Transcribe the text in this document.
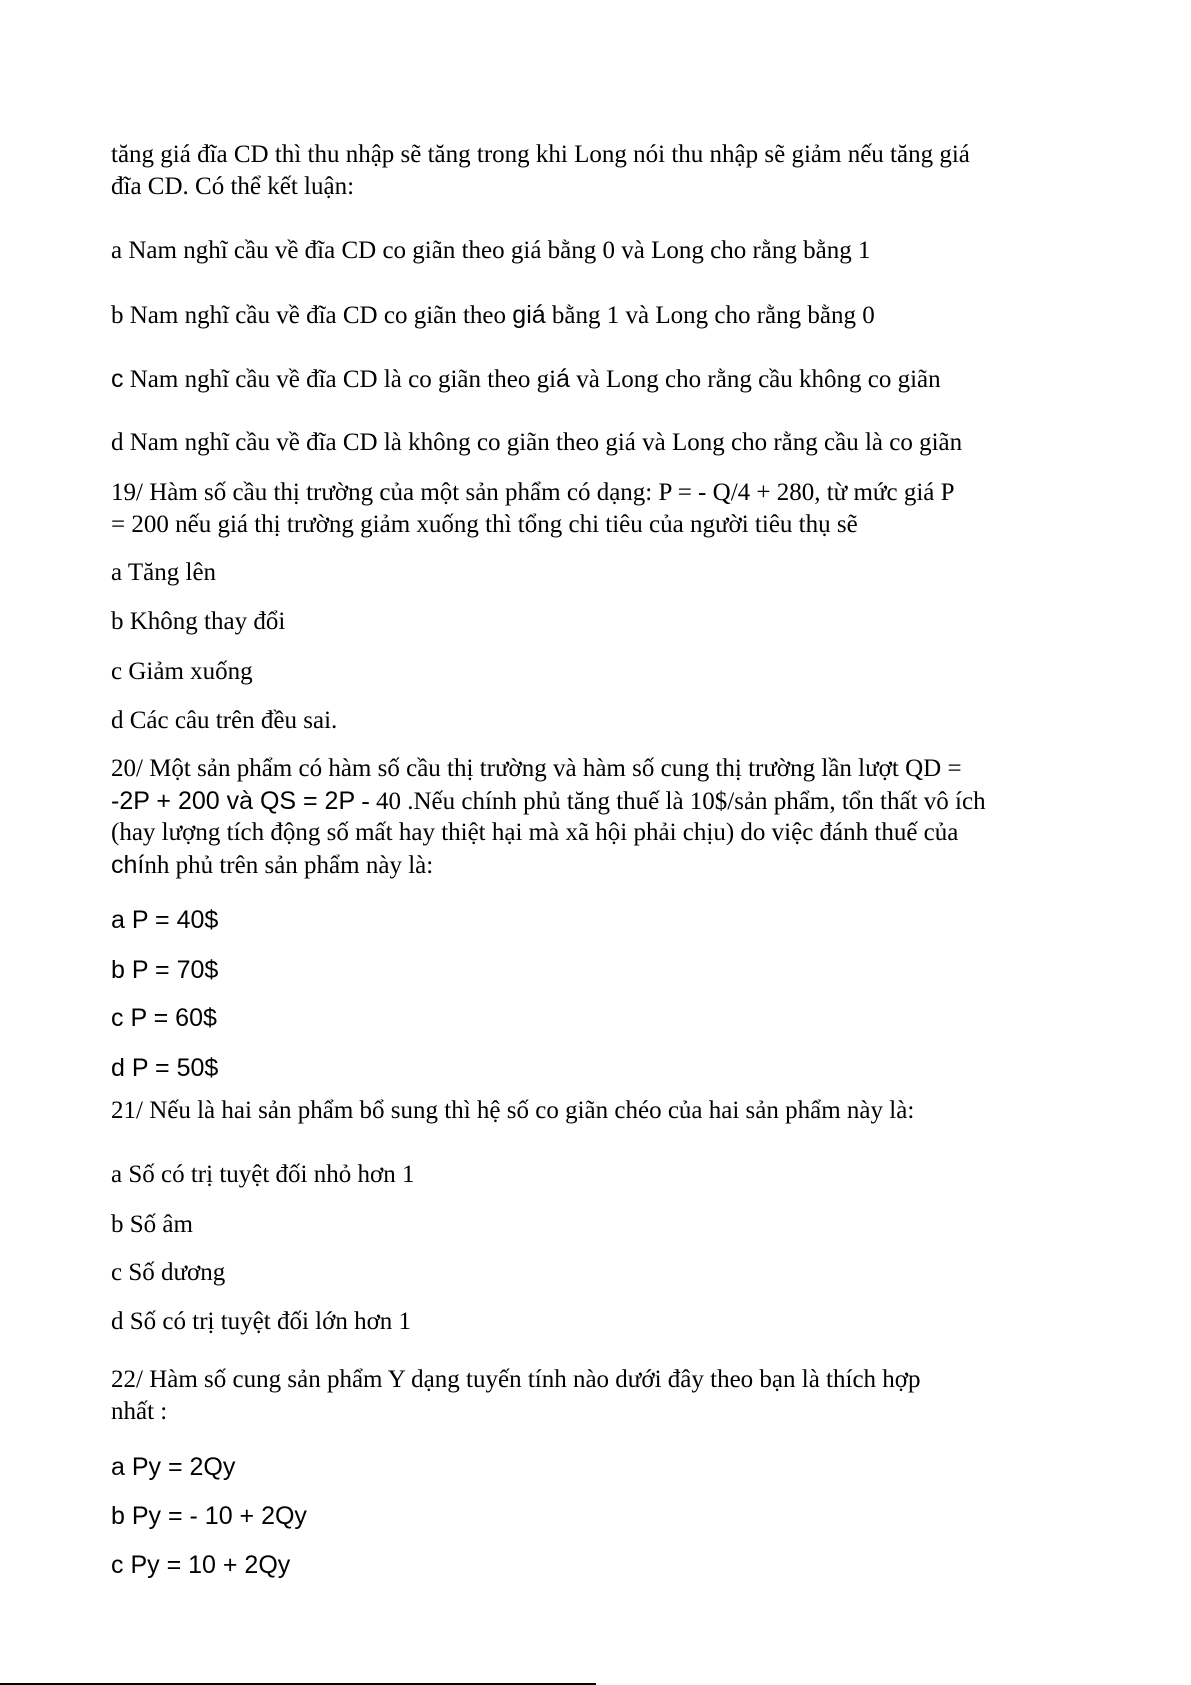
tăng giá đĩa CD thì thu nhập sẽ tăng trong khi Long nói thu nhập sẽ giảm nếu tăng giá

đĩa CD. Có thể kết luận:

a Nam nghĩ cầu về đĩa CD co giãn theo giá bằng 0 và Long cho rằng bằng 1

b Nam nghĩ cầu về đĩa CD co giãn theo giá bằng 1 và Long cho rằng bằng 0

c Nam nghĩ cầu về đĩa CD là co giãn theo giá và Long cho rằng cầu không co giãn

d Nam nghĩ cầu về đĩa CD là không co giãn theo giá và Long cho rằng cầu là co giãn

19/ Hàm số cầu thị trường của một sản phẩm có dạng: P = - Q/4 + 280, từ mức giá P

= 200 nếu giá thị trường giảm xuống thì tổng chi tiêu của người tiêu thụ sẽ

a Tăng lên

b Không thay đổi

c Giảm xuống

d Các câu trên đều sai.

20/ Một sản phẩm có hàm số cầu thị trường và hàm số cung thị trường lần lượt QD =

-2P + 200 và QS = 2P - 40 .Nếu chính phủ tăng thuế là 10$/sản phẩm, tổn thất vô ích

(hay lượng tích động số mất hay thiệt hại mà xã hội phải chịu) do việc đánh thuế của

chính phủ trên sản phẩm này là:

a P = 40$

b P = 70$

c P = 60$

d P = 50$

21/ Nếu là hai sản phẩm bổ sung thì hệ số co giãn chéo của hai sản phẩm này là:

a Số có trị tuyệt đối nhỏ hơn 1

b Số âm

c Số dương

d Số có trị tuyệt đối lớn hơn 1

22/ Hàm số cung sản phẩm Y dạng tuyến tính nào dưới đây theo bạn là thích hợp

nhất :

a Py = 2Qy

b Py = - 10 + 2Qy

c Py = 10 + 2Qy
